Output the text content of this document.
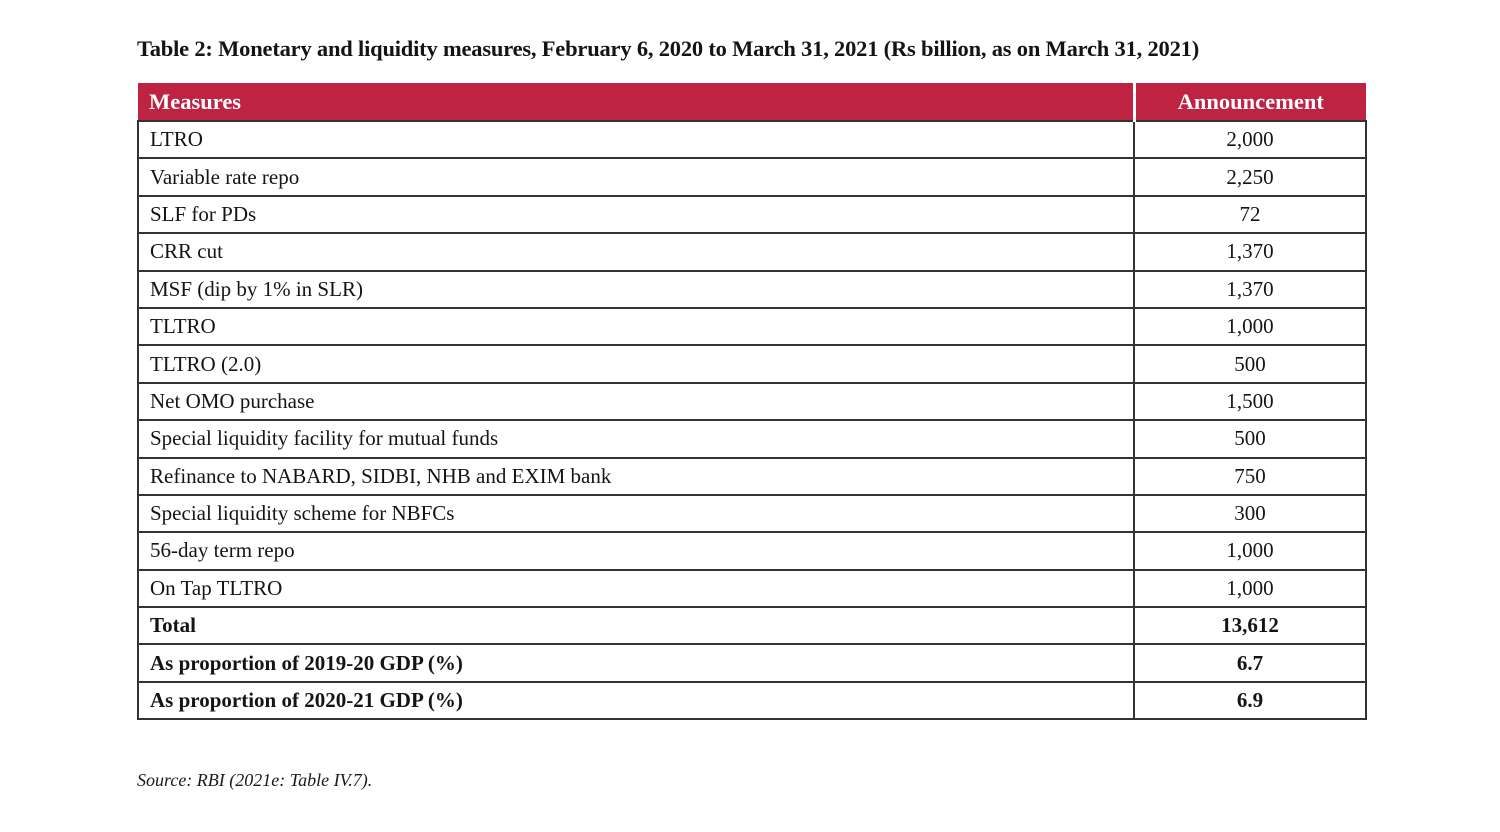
Table 2: Monetary and liquidity measures, February 6, 2020 to March 31, 2021 (Rs billion, as on March 31, 2021)
Measures	Announcement
LTRO	2,000
Variable rate repo	2,250
SLF for PDs	72
CRR cut	1,370
MSF (dip by 1% in SLR)	1,370
TLTRO	1,000
TLTRO (2.0)	500
Net OMO purchase	1,500
Special liquidity facility for mutual funds	500
Refinance to NABARD, SIDBI, NHB and EXIM bank	750
Special liquidity scheme for NBFCs	300
56-day term repo	1,000
On Tap TLTRO	1,000
Total	13,612
As proportion of 2019-20 GDP (%)	6.7
As proportion of 2020-21 GDP (%)	6.9
Source: RBI (2021e: Table IV.7).
